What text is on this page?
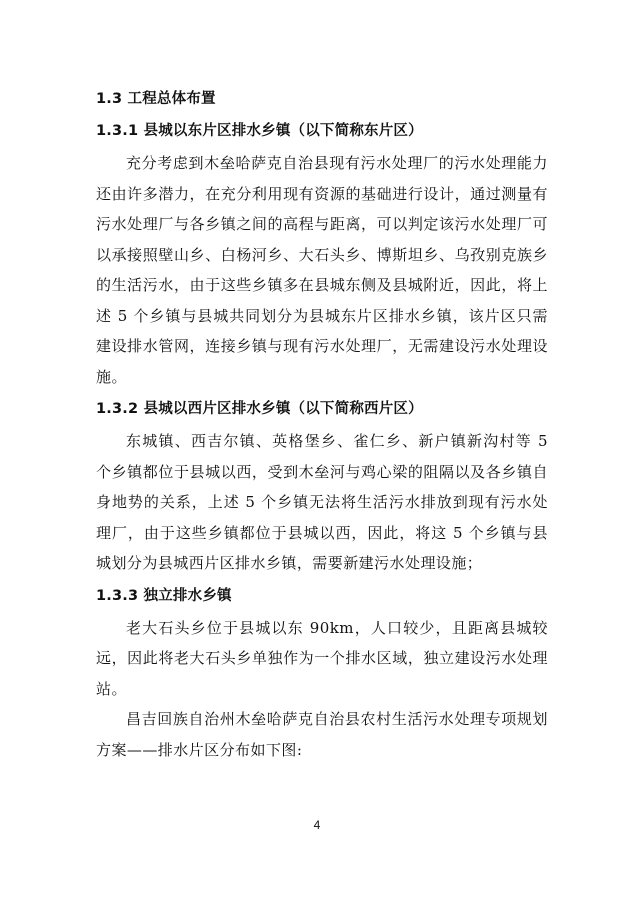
1.3 工程总体布置
1.3.1 县城以东片区排水乡镇（以下简称东片区）

充分考虑到木垒哈萨克自治县现有污水处理厂的污水处理能力还由许多潜力，在充分利用现有资源的基础进行设计，通过测量有污水处理厂与各乡镇之间的高程与距离，可以判定该污水处理厂可以承接照壁山乡、白杨河乡、大石头乡、博斯坦乡、乌孜别克族乡的生活污水，由于这些乡镇多在县城东侧及县城附近，因此，将上述 5 个乡镇与县城共同划分为县城东片区排水乡镇，该片区只需建设排水管网，连接乡镇与现有污水处理厂，无需建设污水处理设施。

1.3.2 县城以西片区排水乡镇（以下简称西片区）

东城镇、西吉尔镇、英格堡乡、雀仁乡、新户镇新沟村等 5 个乡镇都位于县城以西，受到木垒河与鸡心梁的阻隔以及各乡镇自身地势的关系，上述 5 个乡镇无法将生活污水排放到现有污水处理厂，由于这些乡镇都位于县城以西，因此，将这 5 个乡镇与县城划分为县城西片区排水乡镇，需要新建污水处理设施；

1.3.3 独立排水乡镇

老大石头乡位于县城以东 90km，人口较少，且距离县城较远，因此将老大石头乡单独作为一个排水区域，独立建设污水处理站。

昌吉回族自治州木垒哈萨克自治县农村生活污水处理专项规划方案——排水片区分布如下图:

4
